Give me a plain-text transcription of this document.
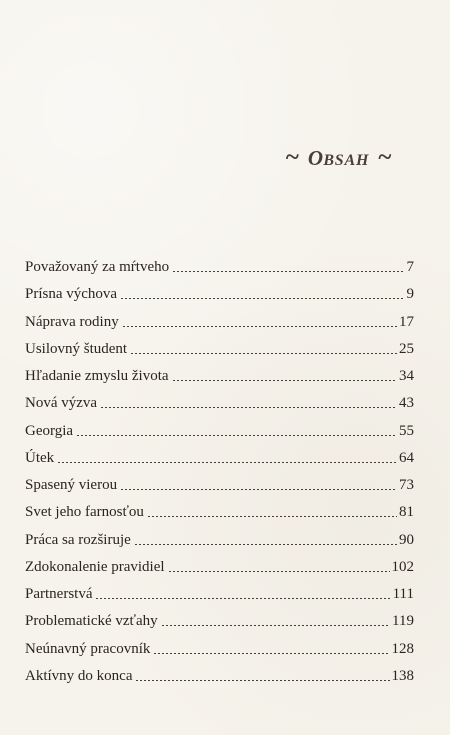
~ OBSAH ~
Považovaný za mŕtveho	7
Prísna výchova	9
Náprava rodiny	17
Usilovný študent	25
Hľadanie zmyslu života	34
Nová výzva	43
Georgia	55
Útek	64
Spasený vierou	73
Svet jeho farnosťou	81
Práca sa rozširuje	90
Zdokonalenie pravidiel	102
Partnerstvá	111
Problematické vzťahy	119
Neúnavný pracovník	128
Aktívny do konca	138
